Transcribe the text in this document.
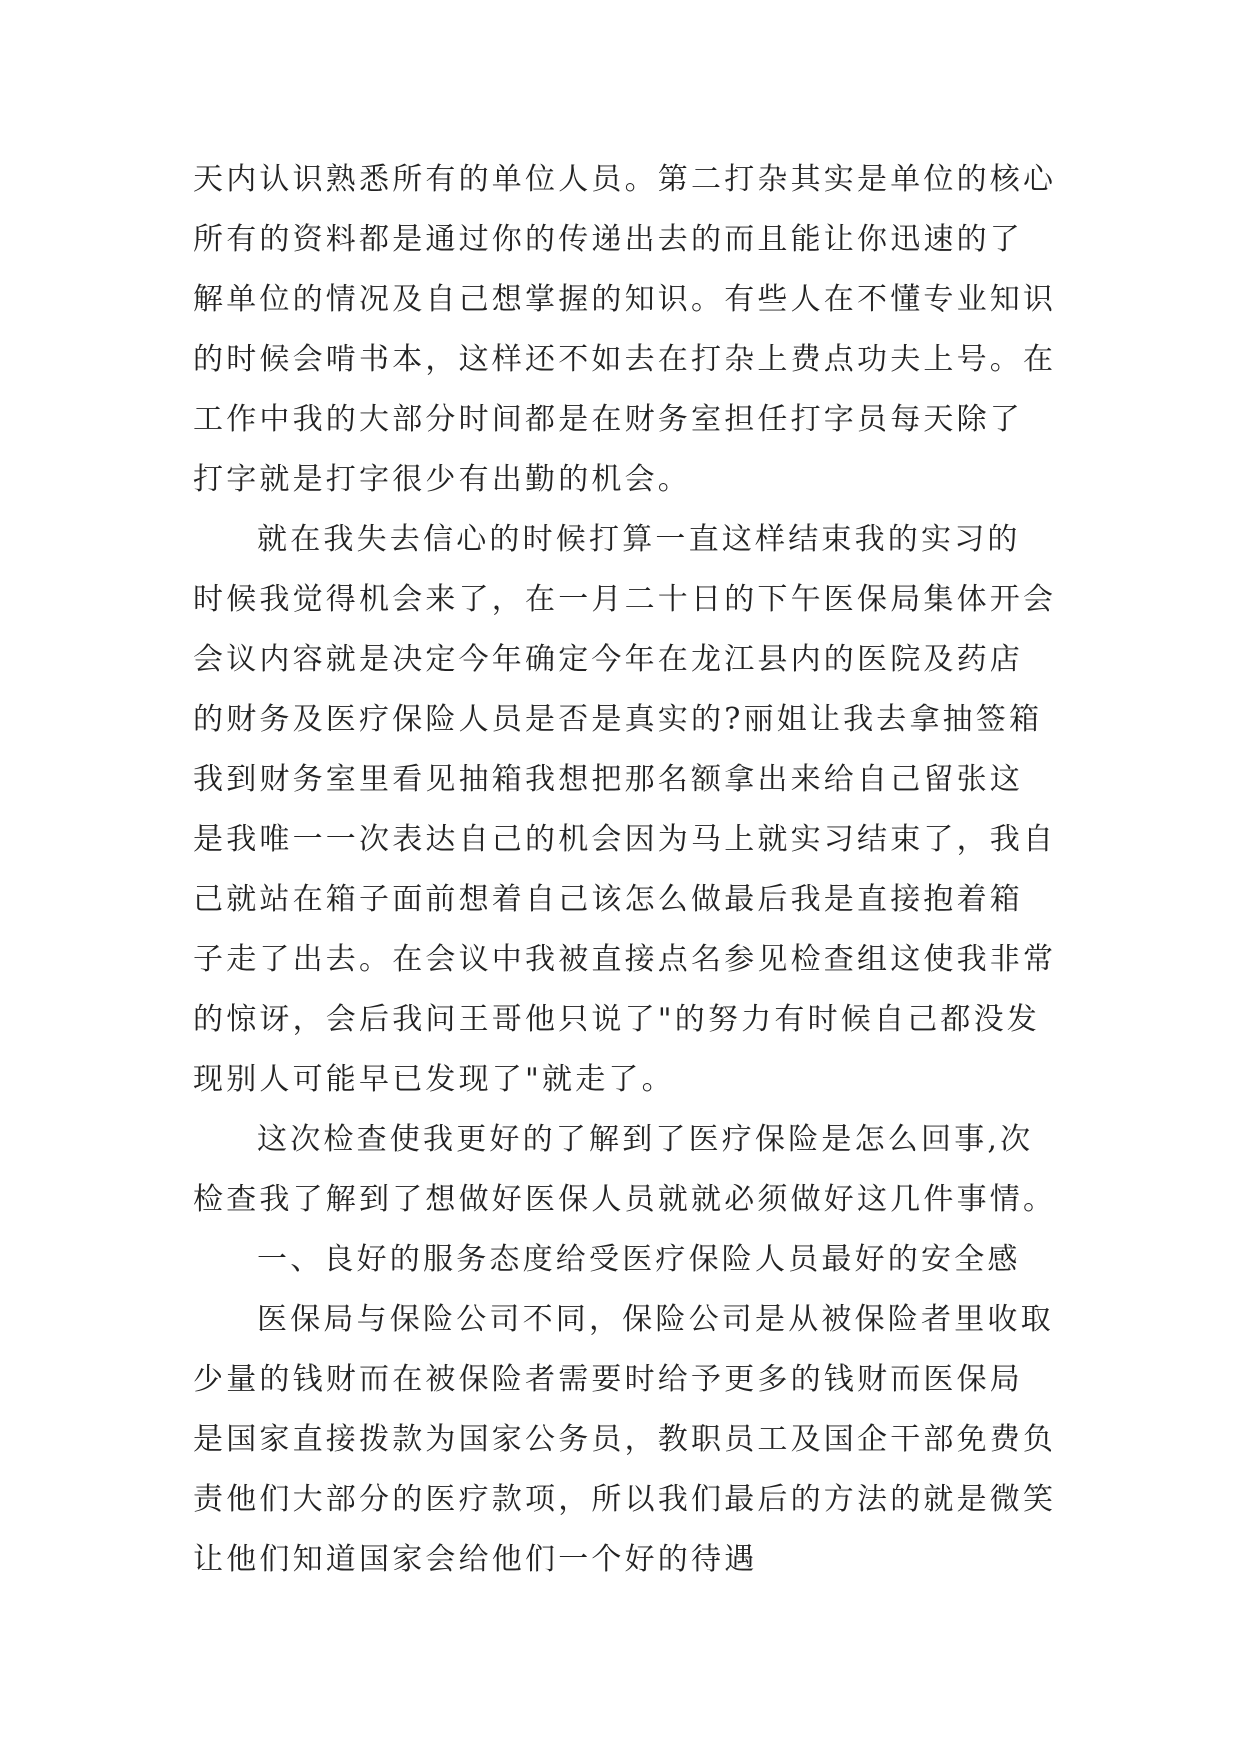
天内认识熟悉所有的单位人员。第二打杂其实是单位的核心
所有的资料都是通过你的传递出去的而且能让你迅速的了
解单位的情况及自己想掌握的知识。有些人在不懂专业知识
的时候会啃书本，这样还不如去在打杂上费点功夫上号。在
工作中我的大部分时间都是在财务室担任打字员每天除了
打字就是打字很少有出勤的机会。
就在我失去信心的时候打算一直这样结束我的实习的
时候我觉得机会来了，在一月二十日的下午医保局集体开会
会议内容就是决定今年确定今年在龙江县内的医院及药店
的财务及医疗保险人员是否是真实的?丽姐让我去拿抽签箱
我到财务室里看见抽箱我想把那名额拿出来给自己留张这
是我唯一一次表达自己的机会因为马上就实习结束了，我自
己就站在箱子面前想着自己该怎么做最后我是直接抱着箱
子走了出去。在会议中我被直接点名参见检查组这使我非常
的惊讶，会后我问王哥他只说了"的努力有时候自己都没发
现别人可能早已发现了"就走了。
这次检查使我更好的了解到了医疗保险是怎么回事,次
检查我了解到了想做好医保人员就就必须做好这几件事情。
一、良好的服务态度给受医疗保险人员最好的安全感
医保局与保险公司不同，保险公司是从被保险者里收取
少量的钱财而在被保险者需要时给予更多的钱财而医保局
是国家直接拨款为国家公务员，教职员工及国企干部免费负
责他们大部分的医疗款项，所以我们最后的方法的就是微笑
让他们知道国家会给他们一个好的待遇
